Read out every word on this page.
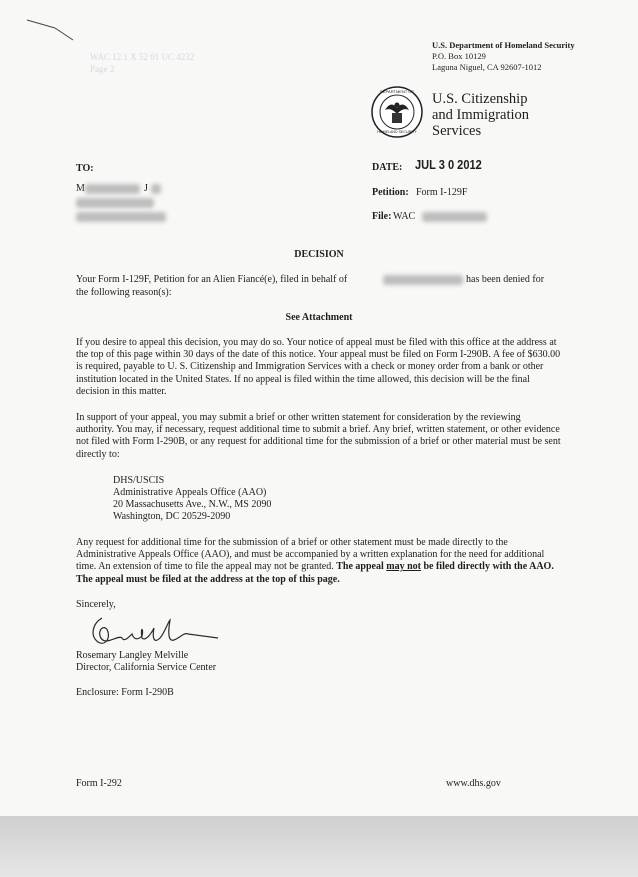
WAC 12 1 X 52 01 UC 4232
Page 2
U.S. Department of Homeland Security
P.O. Box 10129
Laguna Niguel, CA 92607-1012
DEPARTMENT OF
HOMELAND SECURITY
U.S. Citizenship
and Immigration
Services
TO:
M	J
DATE: JUL 3 0 2012
Petition: Form I-129F
File: WAC
DECISION
Your Form I-129F, Petition for an Alien Fiancé(e), filed in behalf of	has been denied for
the following reason(s):
See Attachment
If you desire to appeal this decision, you may do so. Your notice of appeal must be filed with this office at the address at the top of this page within 30 days of the date of this notice. Your appeal must be filed on Form I-290B. A fee of $630.00 is required, payable to U. S. Citizenship and Immigration Services with a check or money order from a bank or other institution located in the United States. If no appeal is filed within the time allowed, this decision will be the final decision in this matter.
In support of your appeal, you may submit a brief or other written statement for consideration by the reviewing authority. You may, if necessary, request additional time to submit a brief. Any brief, written statement, or other evidence not filed with Form I-290B, or any request for additional time for the submission of a brief or other material must be sent directly to:
DHS/USCIS
Administrative Appeals Office (AAO)
20 Massachusetts Ave., N.W., MS 2090
Washington, DC 20529-2090
Any request for additional time for the submission of a brief or other statement must be made directly to the Administrative Appeals Office (AAO), and must be accompanied by a written explanation for the need for additional time. An extension of time to file the appeal may not be granted. The appeal may not be filed directly with the AAO. The appeal must be filed at the address at the top of this page.
Sincerely,
Rosemary Langley Melville
Director, California Service Center
Enclosure: Form I-290B
Form I-292	www.dhs.gov
